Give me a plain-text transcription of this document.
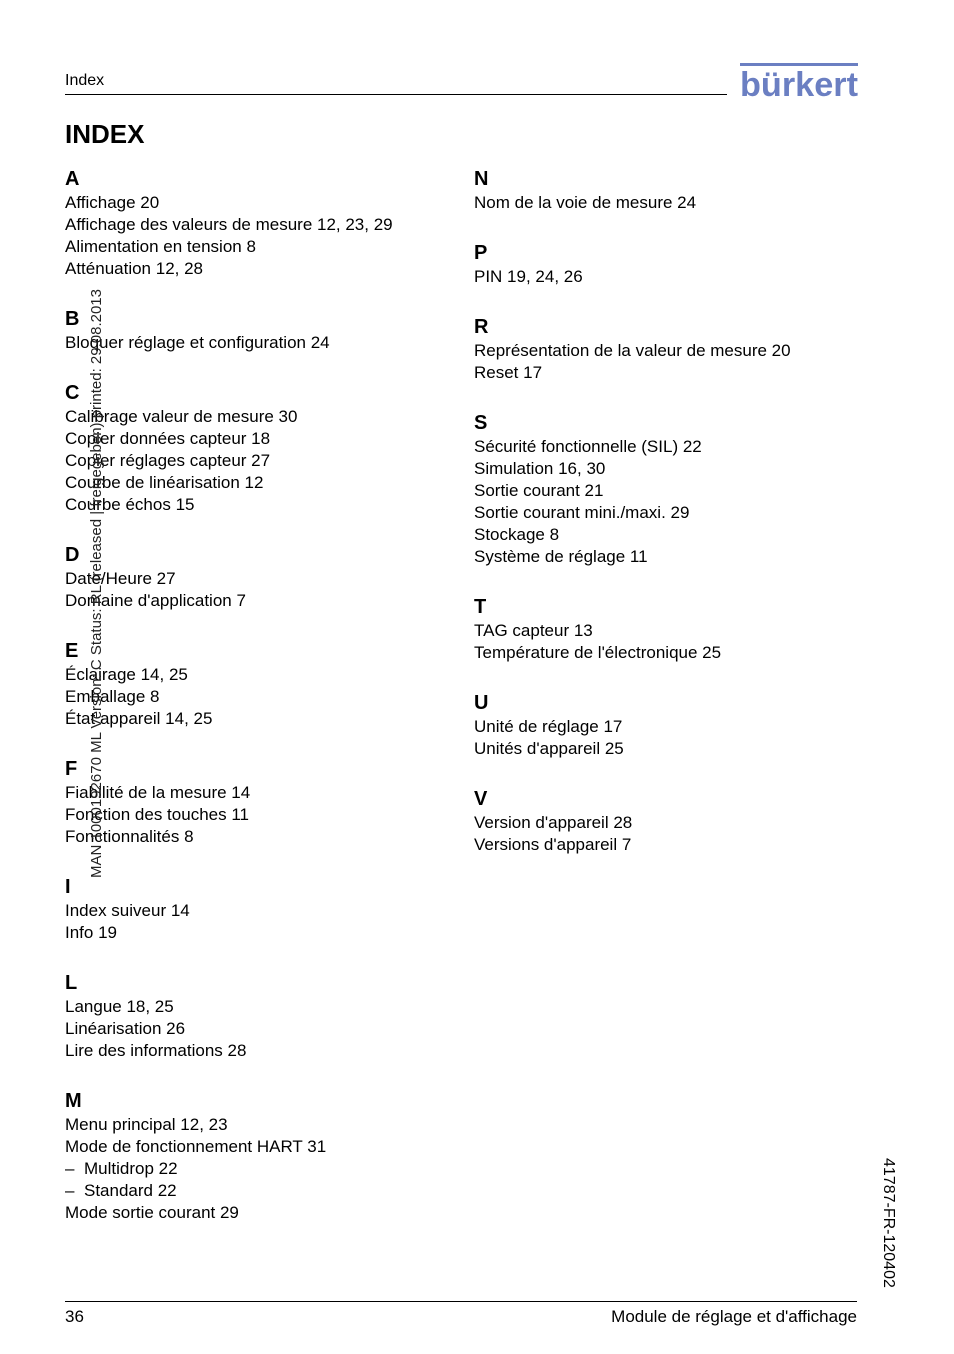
Index	bürkert
INDEX
A
Affichage 20
Affichage des valeurs de mesure 12, 23, 29
Alimentation en tension 8
Atténuation 12, 28
B
Bloquer réglage et configuration 24
C
Calibrage valeur de mesure 30
Copier données capteur 18
Copier réglages capteur 27
Courbe de linéarisation 12
Courbe échos 15
D
Date/Heure 27
Domaine d'application 7
E
Éclairage 14, 25
Emballage 8
État appareil 14, 25
F
Fiabilité de la mesure 14
Fonction des touches 11
Fonctionnalités 8
I
Index suiveur 14
Info 19
L
Langue 18, 25
Linéarisation 26
Lire des informations 28
M
Menu principal 12, 23
Mode de fonctionnement HART 31
– Multidrop 22
– Standard 22
Mode sortie courant 29
N
Nom de la voie de mesure 24
P
PIN 19, 24, 26
R
Représentation de la valeur de mesure 20
Reset 17
S
Sécurité fonctionnelle (SIL) 22
Simulation 16, 30
Sortie courant 21
Sortie courant mini./maxi. 29
Stockage 8
Système de réglage 11
T
TAG capteur 13
Température de l'électronique 25
U
Unité de réglage 17
Unités d'appareil 25
V
Version d'appareil 28
Versions d'appareil 7
MAN 1000192670 ML Version: C Status: RL (released | freigegeben) printed: 29.08.2013
41787-FR-120402
36	Module de réglage et d'affichage
